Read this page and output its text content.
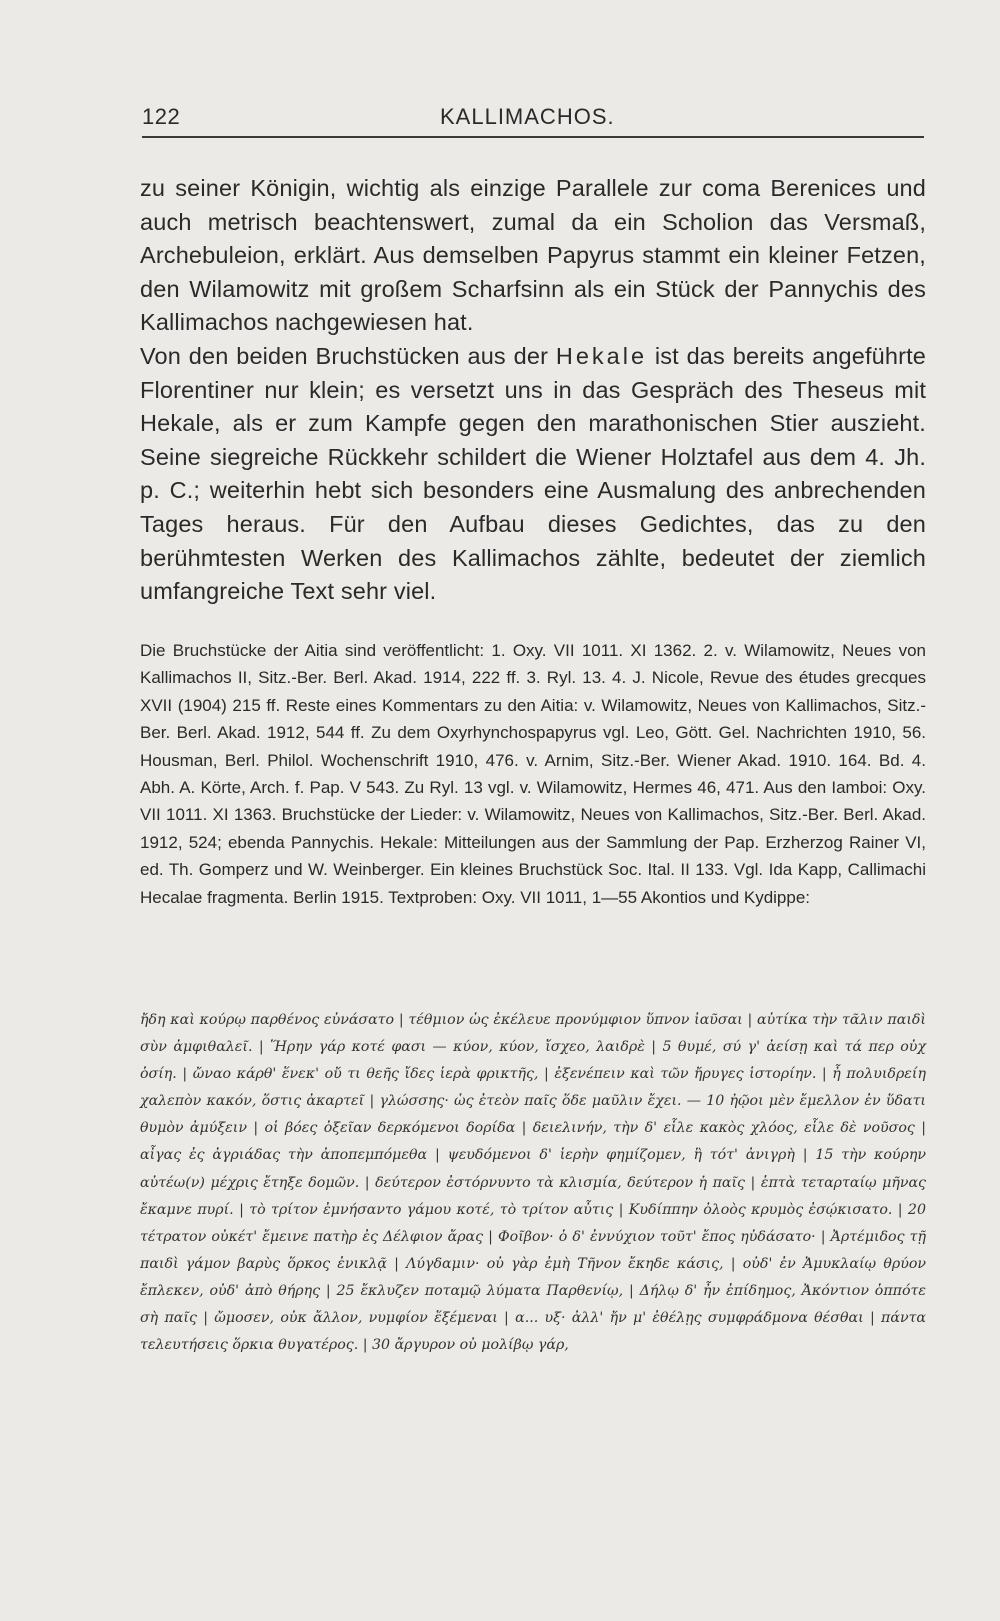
122	KALLIMACHOS.

zu seiner Königin, wichtig als einzige Parallele zur coma Berenices und auch metrisch beachtenswert, zumal da ein Scholion das Versmaß, Archebuleion, erklärt. Aus demselben Papyrus stammt ein kleiner Fetzen, den Wilamowitz mit großem Scharfsinn als ein Stück der Pannychis des Kallimachos nachgewiesen hat.

Von den beiden Bruchstücken aus der Hekale ist das bereits angeführte Florentiner nur klein; es versetzt uns in das Gespräch des Theseus mit Hekale, als er zum Kampfe gegen den marathonischen Stier auszieht. Seine siegreiche Rückkehr schildert die Wiener Holztafel aus dem 4. Jh. p. C.; weiterhin hebt sich besonders eine Ausmalung des anbrechenden Tages heraus. Für den Aufbau dieses Gedichtes, das zu den berühmtesten Werken des Kallimachos zählte, bedeutet der ziemlich umfangreiche Text sehr viel.

Die Bruchstücke der Aitia sind veröffentlicht: 1. Oxy. VII 1011. XI 1362. 2. v. Wilamowitz, Neues von Kallimachos II, Sitz.-Ber. Berl. Akad. 1914, 222 ff. 3. Ryl. 13. 4. J. Nicole, Revue des études grecques XVII (1904) 215 ff. Reste eines Kommentars zu den Aitia: v. Wilamowitz, Neues von Kallimachos, Sitz.-Ber. Berl. Akad. 1912, 544 ff. Zu dem Oxyrhynchospapyrus vgl. Leo, Gött. Gel. Nachrichten 1910, 56. Housman, Berl. Philol. Wochenschrift 1910, 476. v. Arnim, Sitz.-Ber. Wiener Akad. 1910. 164. Bd. 4. Abh. A. Körte, Arch. f. Pap. V 543. Zu Ryl. 13 vgl. v. Wilamowitz, Hermes 46, 471. Aus den Iamboi: Oxy. VII 1011. XI 1363. Bruchstücke der Lieder: v. Wilamowitz, Neues von Kallimachos, Sitz.-Ber. Berl. Akad. 1912, 524; ebenda Pannychis. Hekale: Mitteilungen aus der Sammlung der Pap. Erzherzog Rainer VI, ed. Th. Gomperz und W. Weinberger. Ein kleines Bruchstück Soc. Ital. II 133. Vgl. Ida Kapp, Callimachi Hecalae fragmenta. Berlin 1915. Textproben: Oxy. VII 1011, 1—55 Akontios und Kydippe:

ἤδη καὶ κούρῳ παρθένος εὐνάσατο | τέθμιον ὡς ἐκέλευε προνύμφιον ὕπνον ἰαῦσαι | αὐτίκα τὴν τᾶλιν παιδὶ σὺν ἀμφιθαλεῖ. | Ἥρην γάρ κοτέ φασι — κύον, κύον, ἴσχεο, λαιδρὲ | 5 θυμέ, σύ γ' ἀείσῃ καὶ τά περ οὐχ ὁσίη. | ὤναο κάρθ' ἕνεκ' οὔ τι θεῆς ἴδες ἱερὰ φρικτῆς, | ἐξενέπειν καὶ τῶν ἤρυγες ἱστορίην. | ἦ πολυιδρείη χαλεπὸν κακόν, ὅστις ἀκαρτεῖ | γλώσσης· ὡς ἐτεὸν παῖς ὅδε μαῦλιν ἔχει. — 10 ἠῷοι μὲν ἔμελλον ἐν ὕδατι θυμὸν ἀμύξειν | οἱ βόες ὀξεῖαν δερκόμενοι δορίδα | δειελινήν, τὴν δ' εἷλε κακὸς χλόος, εἷλε δὲ νοῦσος | αἶγας ἐς ἀγριάδας τὴν ἀποπεμπόμεθα | ψευδόμενοι δ' ἱερὴν φημίζομεν, ἣ τότ' ἀνιγρὴ | 15 τὴν κούρην αὐτέω(ν) μέχρις ἔτηξε δομῶν. | δεύτερον ἐστόρνυντο τὰ κλισμία, δεύτερον ἡ παῖς | ἑπτὰ τεταρταίῳ μῆνας ἔκαμνε πυρί. | τὸ τρίτον ἐμνήσαντο γάμου κοτέ, τὸ τρίτον αὖτις | Κυδίππην ὀλοὸς κρυμὸς ἐσῴκισατο. | 20 τέτρατον οὐκέτ' ἔμεινε πατὴρ ἐς Δέλφιον ἄρας | Φοῖβον· ὁ δ' ἐννύχιον τοῦτ' ἔπος ηὐδάσατο· | Ἀρτέμιδος τῇ παιδὶ γάμον βαρὺς ὅρκος ἐνικλᾷ | Λύγδαμιν· οὐ γὰρ ἐμὴ Τῆνον ἔκηδε κάσις, | οὐδ' ἐν Ἀμυκλαίῳ θρύον ἔπλεκεν, οὐδ' ἀπὸ θήρης | 25 ἔκλυζεν ποταμῷ λύματα Παρθενίῳ, | Δήλῳ δ' ἦν ἐπίδημος, Ἀκόντιον ὁππότε σὴ παῖς | ὤμοσεν, οὐκ ἄλλον, νυμφίον ἕξέμεναι | α... υξ· ἀλλ' ἤν μ' ἐθέλῃς συμφράδμονα θέσθαι | πάντα τελευτήσεις ὅρκια θυγατέρος. | 30 ἄργυρον οὐ μολίβῳ γάρ,
